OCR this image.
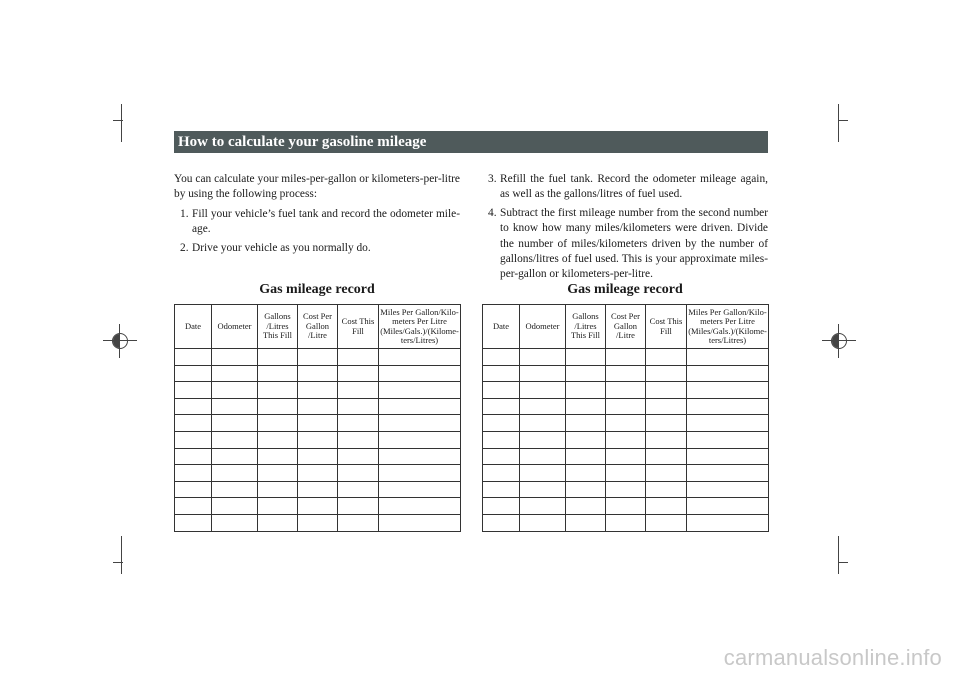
How to calculate your gasoline mileage

You can calculate your miles-per-gallon or kilometers-per-litre by using the following process:

1. Fill your vehicle’s fuel tank and record the odometer mile-age.
2. Drive your vehicle as you normally do.
3. Refill the fuel tank. Record the odometer mileage again, as well as the gallons/litres of fuel used.
4. Subtract the first mileage number from the second number to know how many miles/kilometers were driven. Divide the number of miles/kilometers driven by the number of gallons/litres of fuel used. This is your approximate miles-per-gallon or kilometers-per-litre.
Gas mileage record	Gas mileage record
Date	Odometer	Gallons /Litres This Fill	Cost Per Gallon /Litre	Cost This Fill	Miles Per Gallon/Kilo-meters Per Litre (Miles/Gals.)/(Kilome-ters/Litres)

Date	Odometer	Gallons /Litres This Fill	Cost Per Gallon /Litre	Cost This Fill	Miles Per Gallon/Kilo-meters Per Litre (Miles/Gals.)/(Kilome-ters/Litres)

carmanualsonline.info
